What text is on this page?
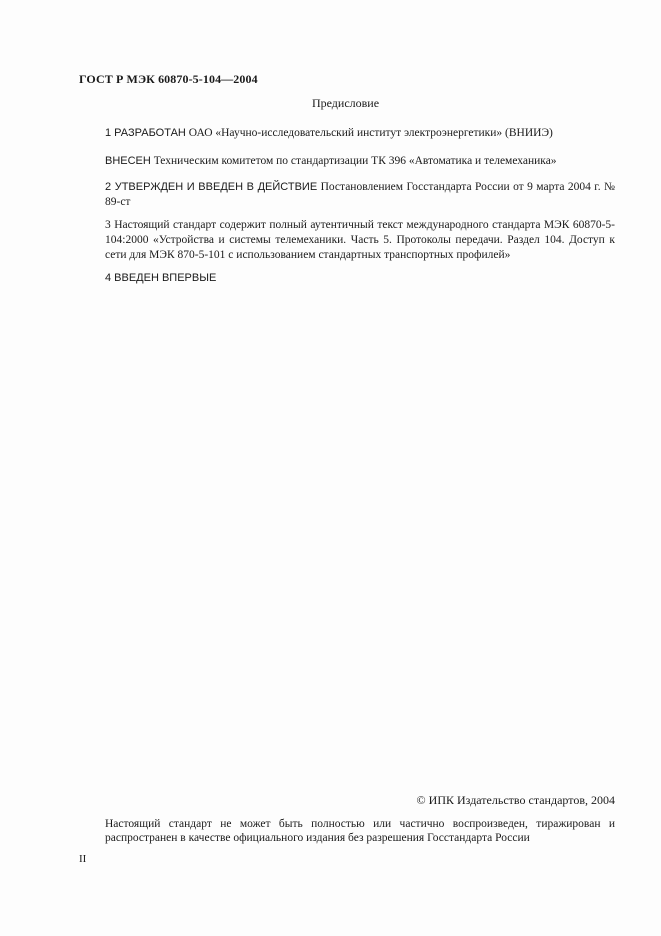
ГОСТ Р МЭК 60870-5-104—2004
Предисловие
1 РАЗРАБОТАН ОАО «Научно-исследовательский институт электроэнергетики» (ВНИИЭ)
ВНЕСЕН Техническим комитетом по стандартизации ТК 396 «Автоматика и телемеханика»
2 УТВЕРЖДЕН И ВВЕДЕН В ДЕЙСТВИЕ Постановлением Госстандарта России от 9 марта 2004 г. № 89-ст
3 Настоящий стандарт содержит полный аутентичный текст международного стандарта МЭК 60870-5-104:2000 «Устройства и системы телемеханики. Часть 5. Протоколы передачи. Раздел 104. Доступ к сети для МЭК 870-5-101 с использованием стандартных транспортных профилей»
4 ВВЕДЕН ВПЕРВЫЕ
© ИПК Издательство стандартов, 2004
Настоящий стандарт не может быть полностью или частично воспроизведен, тиражирован и распространен в качестве официального издания без разрешения Госстандарта России
II
